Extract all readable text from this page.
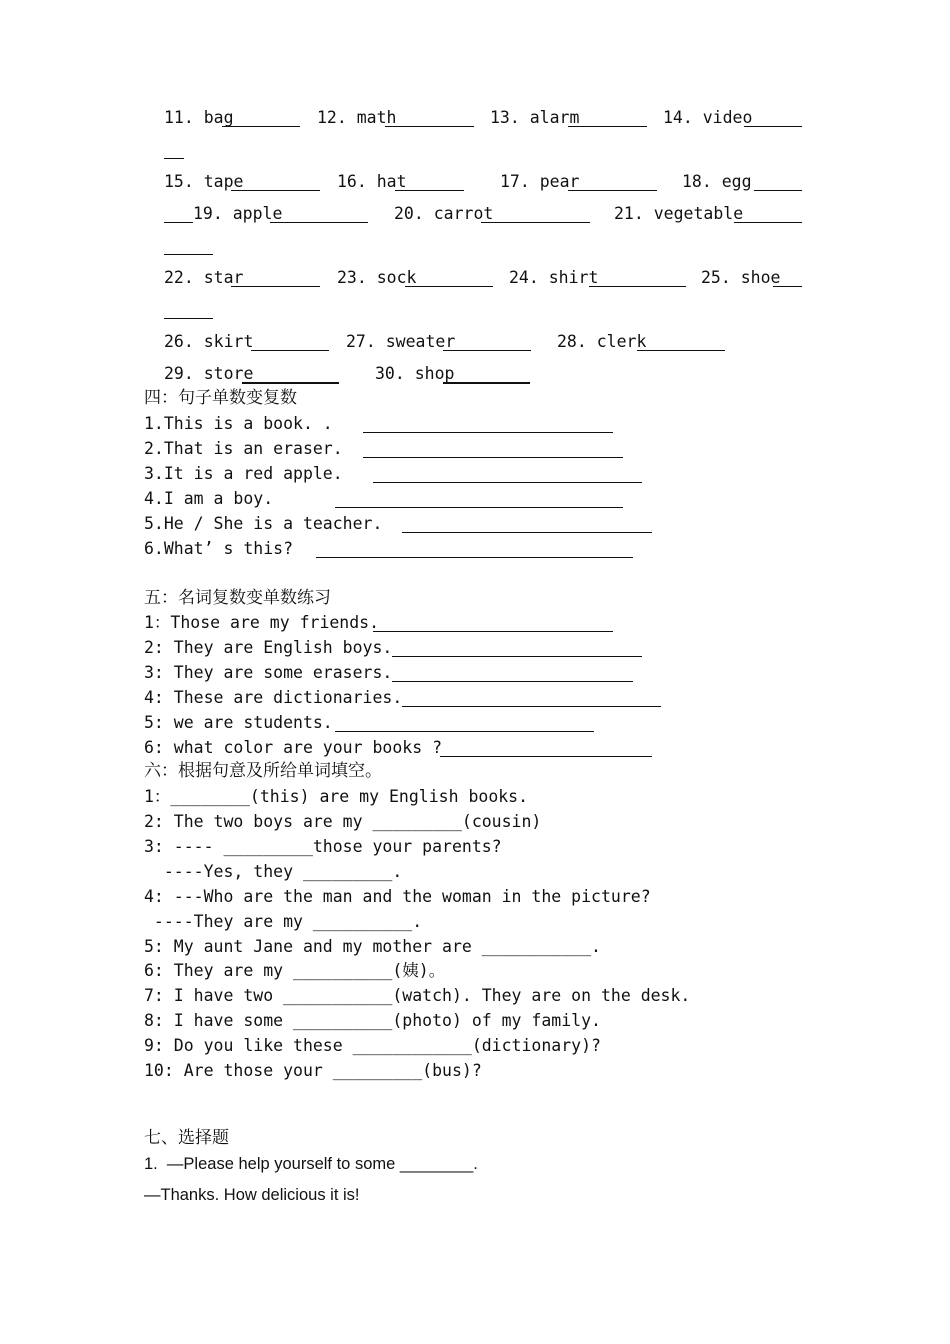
11. bag	12. math	13. alarm	14. video
15. tape	16. hat	17. pear	18. egg
19. apple	20. carrot	21. vegetable
22. star	23. sock	24. shirt	25. shoe
26. skirt	27. sweater	28. clerk
29. store	30. shop
四：句子单数变复数
1.This is a book. .
2.That is an eraser.
3.It is a red apple.
4.I am a boy.
5.He / She is a teacher.
6.What’ s this?
五：名词复数变单数练习
1：Those are my friends.
2: They are English boys.
3: They are some erasers.
4: These are dictionaries.
5: we are students.
6: what color are your books ?
六：根据句意及所给单词填空。
1：________(this) are my English books.
2: The two boys are my _________(cousin)
3: ---- _________those your parents?
----Yes, they _________.
4: ---Who are the man and the woman in the picture?
----They are my __________.
5: My aunt Jane and my mother are ___________.
6: They are my __________(姨)。
7: I have two ___________(watch). They are on the desk.
8: I have some __________(photo) of my family.
9: Do you like these ____________(dictionary)?
10: Are those your _________(bus)?
七、选择题
1.  —Please help yourself to some ________.
—Thanks. How delicious it is!
